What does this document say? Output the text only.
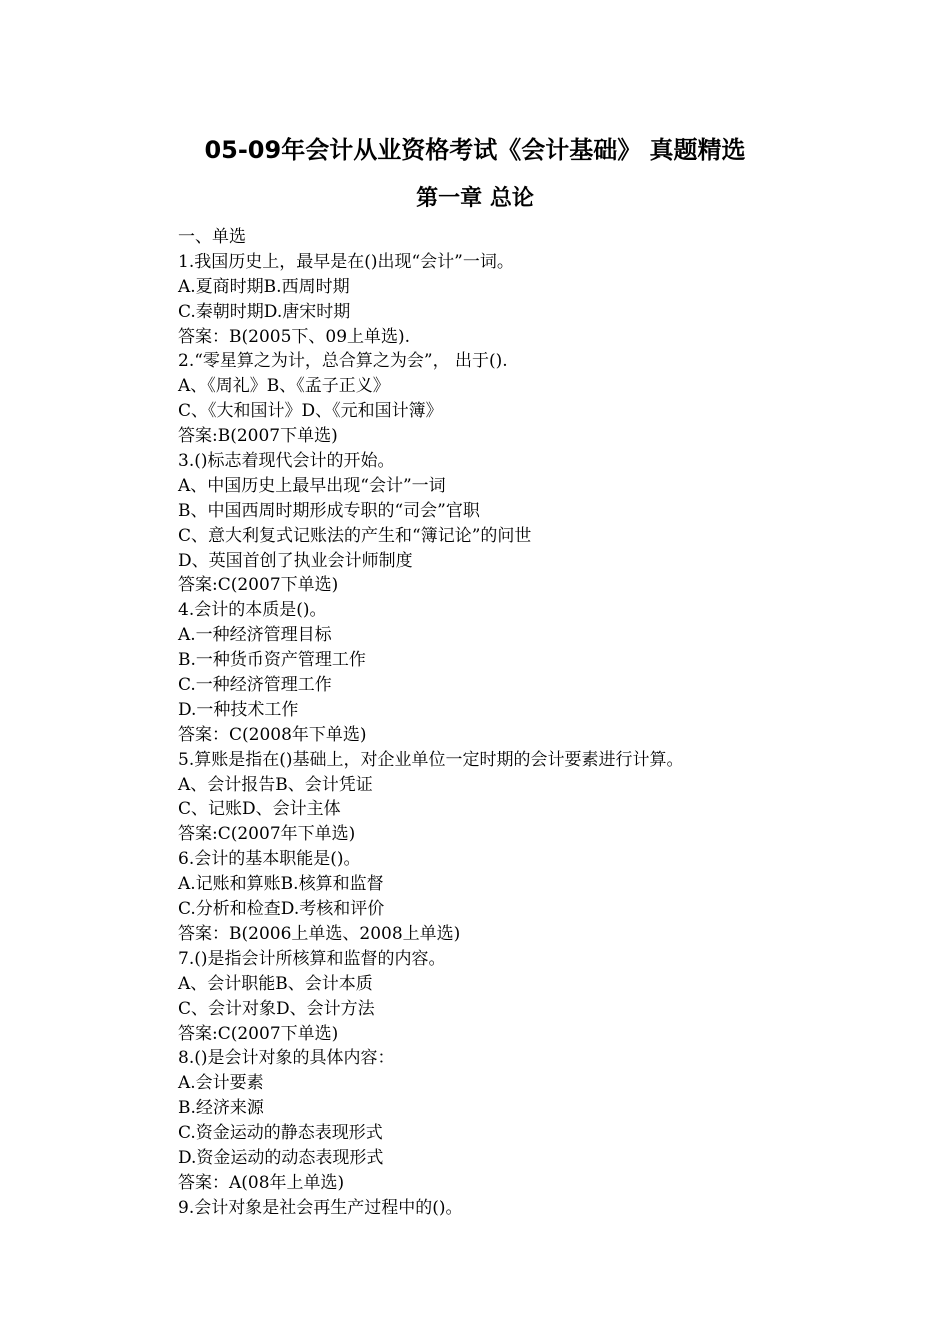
05-09年会计从业资格考试《会计基础》 真题精选
第一章 总论
一、单选
1.我国历史上，最早是在()出现“会计”一词。
A.夏商时期B.西周时期
C.秦朝时期D.唐宋时期
答案：B(2005下、09上单选).
2.“零星算之为计，总合算之为会”， 出于().
A、《周礼》B、《孟子正义》
C、《大和国计》D、《元和国计簿》
答案:B(2007下单选)
3.()标志着现代会计的开始。
A、中国历史上最早出现“会计”一词
B、中国西周时期形成专职的“司会”官职
C、意大利复式记账法的产生和“簿记论”的问世
D、英国首创了执业会计师制度
答案:C(2007下单选)
4.会计的本质是()。
A.一种经济管理目标
B.一种货币资产管理工作
C.一种经济管理工作
D.一种技术工作
答案：C(2008年下单选)
5.算账是指在()基础上，对企业单位一定时期的会计要素进行计算。
A、会计报告B、会计凭证
C、记账D、会计主体
答案:C(2007年下单选)
6.会计的基本职能是()。
A.记账和算账B.核算和监督
C.分析和检查D.考核和评价
答案：B(2006上单选、2008上单选)
7.()是指会计所核算和监督的内容。
A、会计职能B、会计本质
C、会计对象D、会计方法
答案:C(2007下单选)
8.()是会计对象的具体内容：
A.会计要素
B.经济来源
C.资金运动的静态表现形式
D.资金运动的动态表现形式
答案：A(08年上单选)
9.会计对象是社会再生产过程中的()。
